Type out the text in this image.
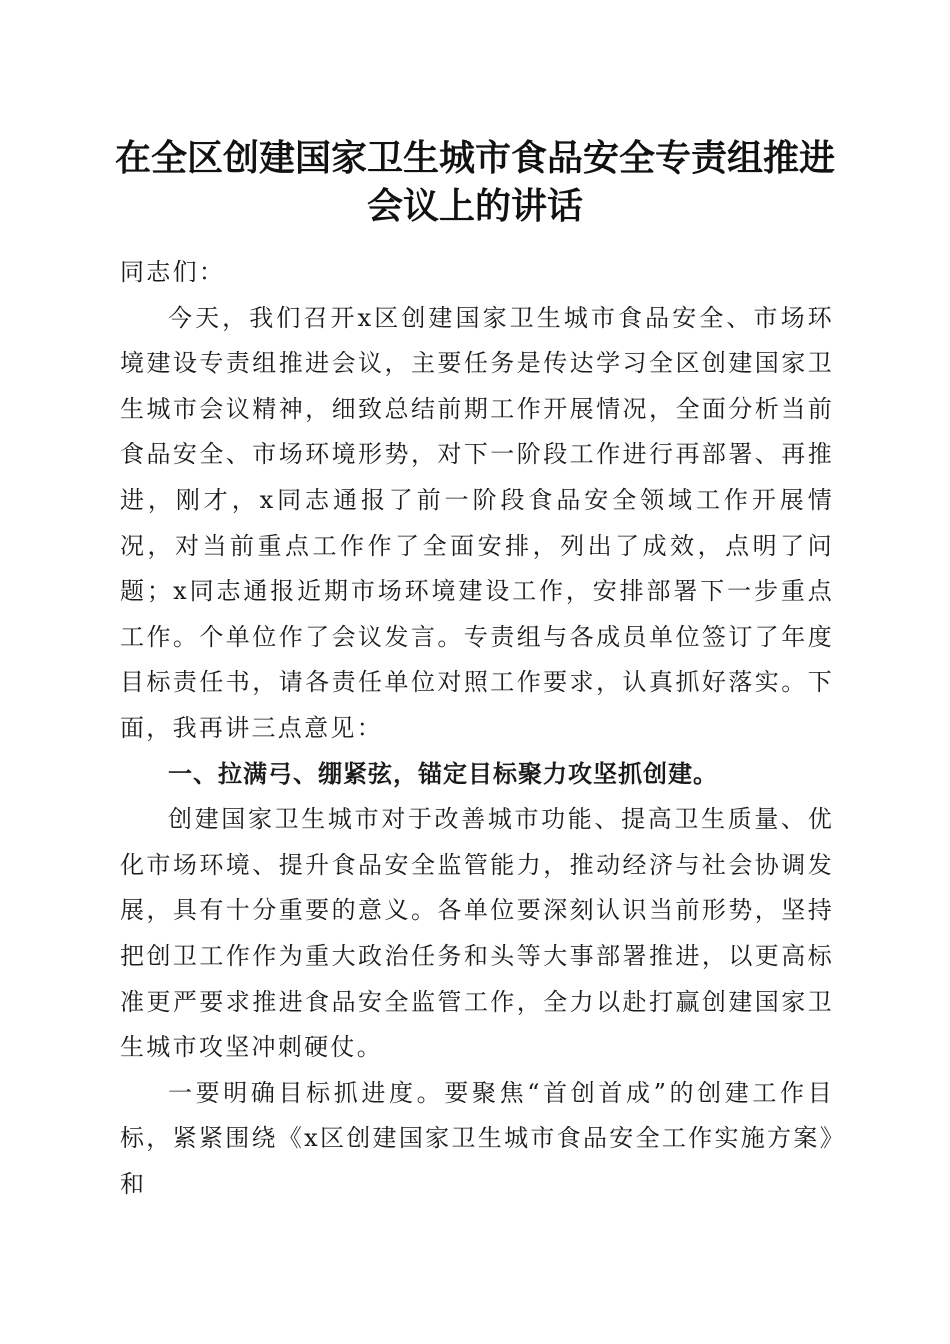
在全区创建国家卫生城市食品安全专责组推进
会议上的讲话

同志们：

今天，我们召开x区创建国家卫生城市食品安全、市场环境建设专责组推进会议，主要任务是传达学习全区创建国家卫生城市会议精神，细致总结前期工作开展情况，全面分析当前食品安全、市场环境形势，对下一阶段工作进行再部署、再推进，刚才，x同志通报了前一阶段食品安全领域工作开展情况，对当前重点工作作了全面安排，列出了成效，点明了问题；x同志通报近期市场环境建设工作，安排部署下一步重点工作。个单位作了会议发言。专责组与各成员单位签订了年度目标责任书，请各责任单位对照工作要求，认真抓好落实。下面，我再讲三点意见：

一、拉满弓、绷紧弦，锚定目标聚力攻坚抓创建。

创建国家卫生城市对于改善城市功能、提高卫生质量、优化市场环境、提升食品安全监管能力，推动经济与社会协调发展，具有十分重要的意义。各单位要深刻认识当前形势，坚持把创卫工作作为重大政治任务和头等大事部署推进，以更高标准更严要求推进食品安全监管工作，全力以赴打赢创建国家卫生城市攻坚冲刺硬仗。

一要明确目标抓进度。要聚焦“首创首成”的创建工作目标，紧紧围绕《x区创建国家卫生城市食品安全工作实施方案》和
